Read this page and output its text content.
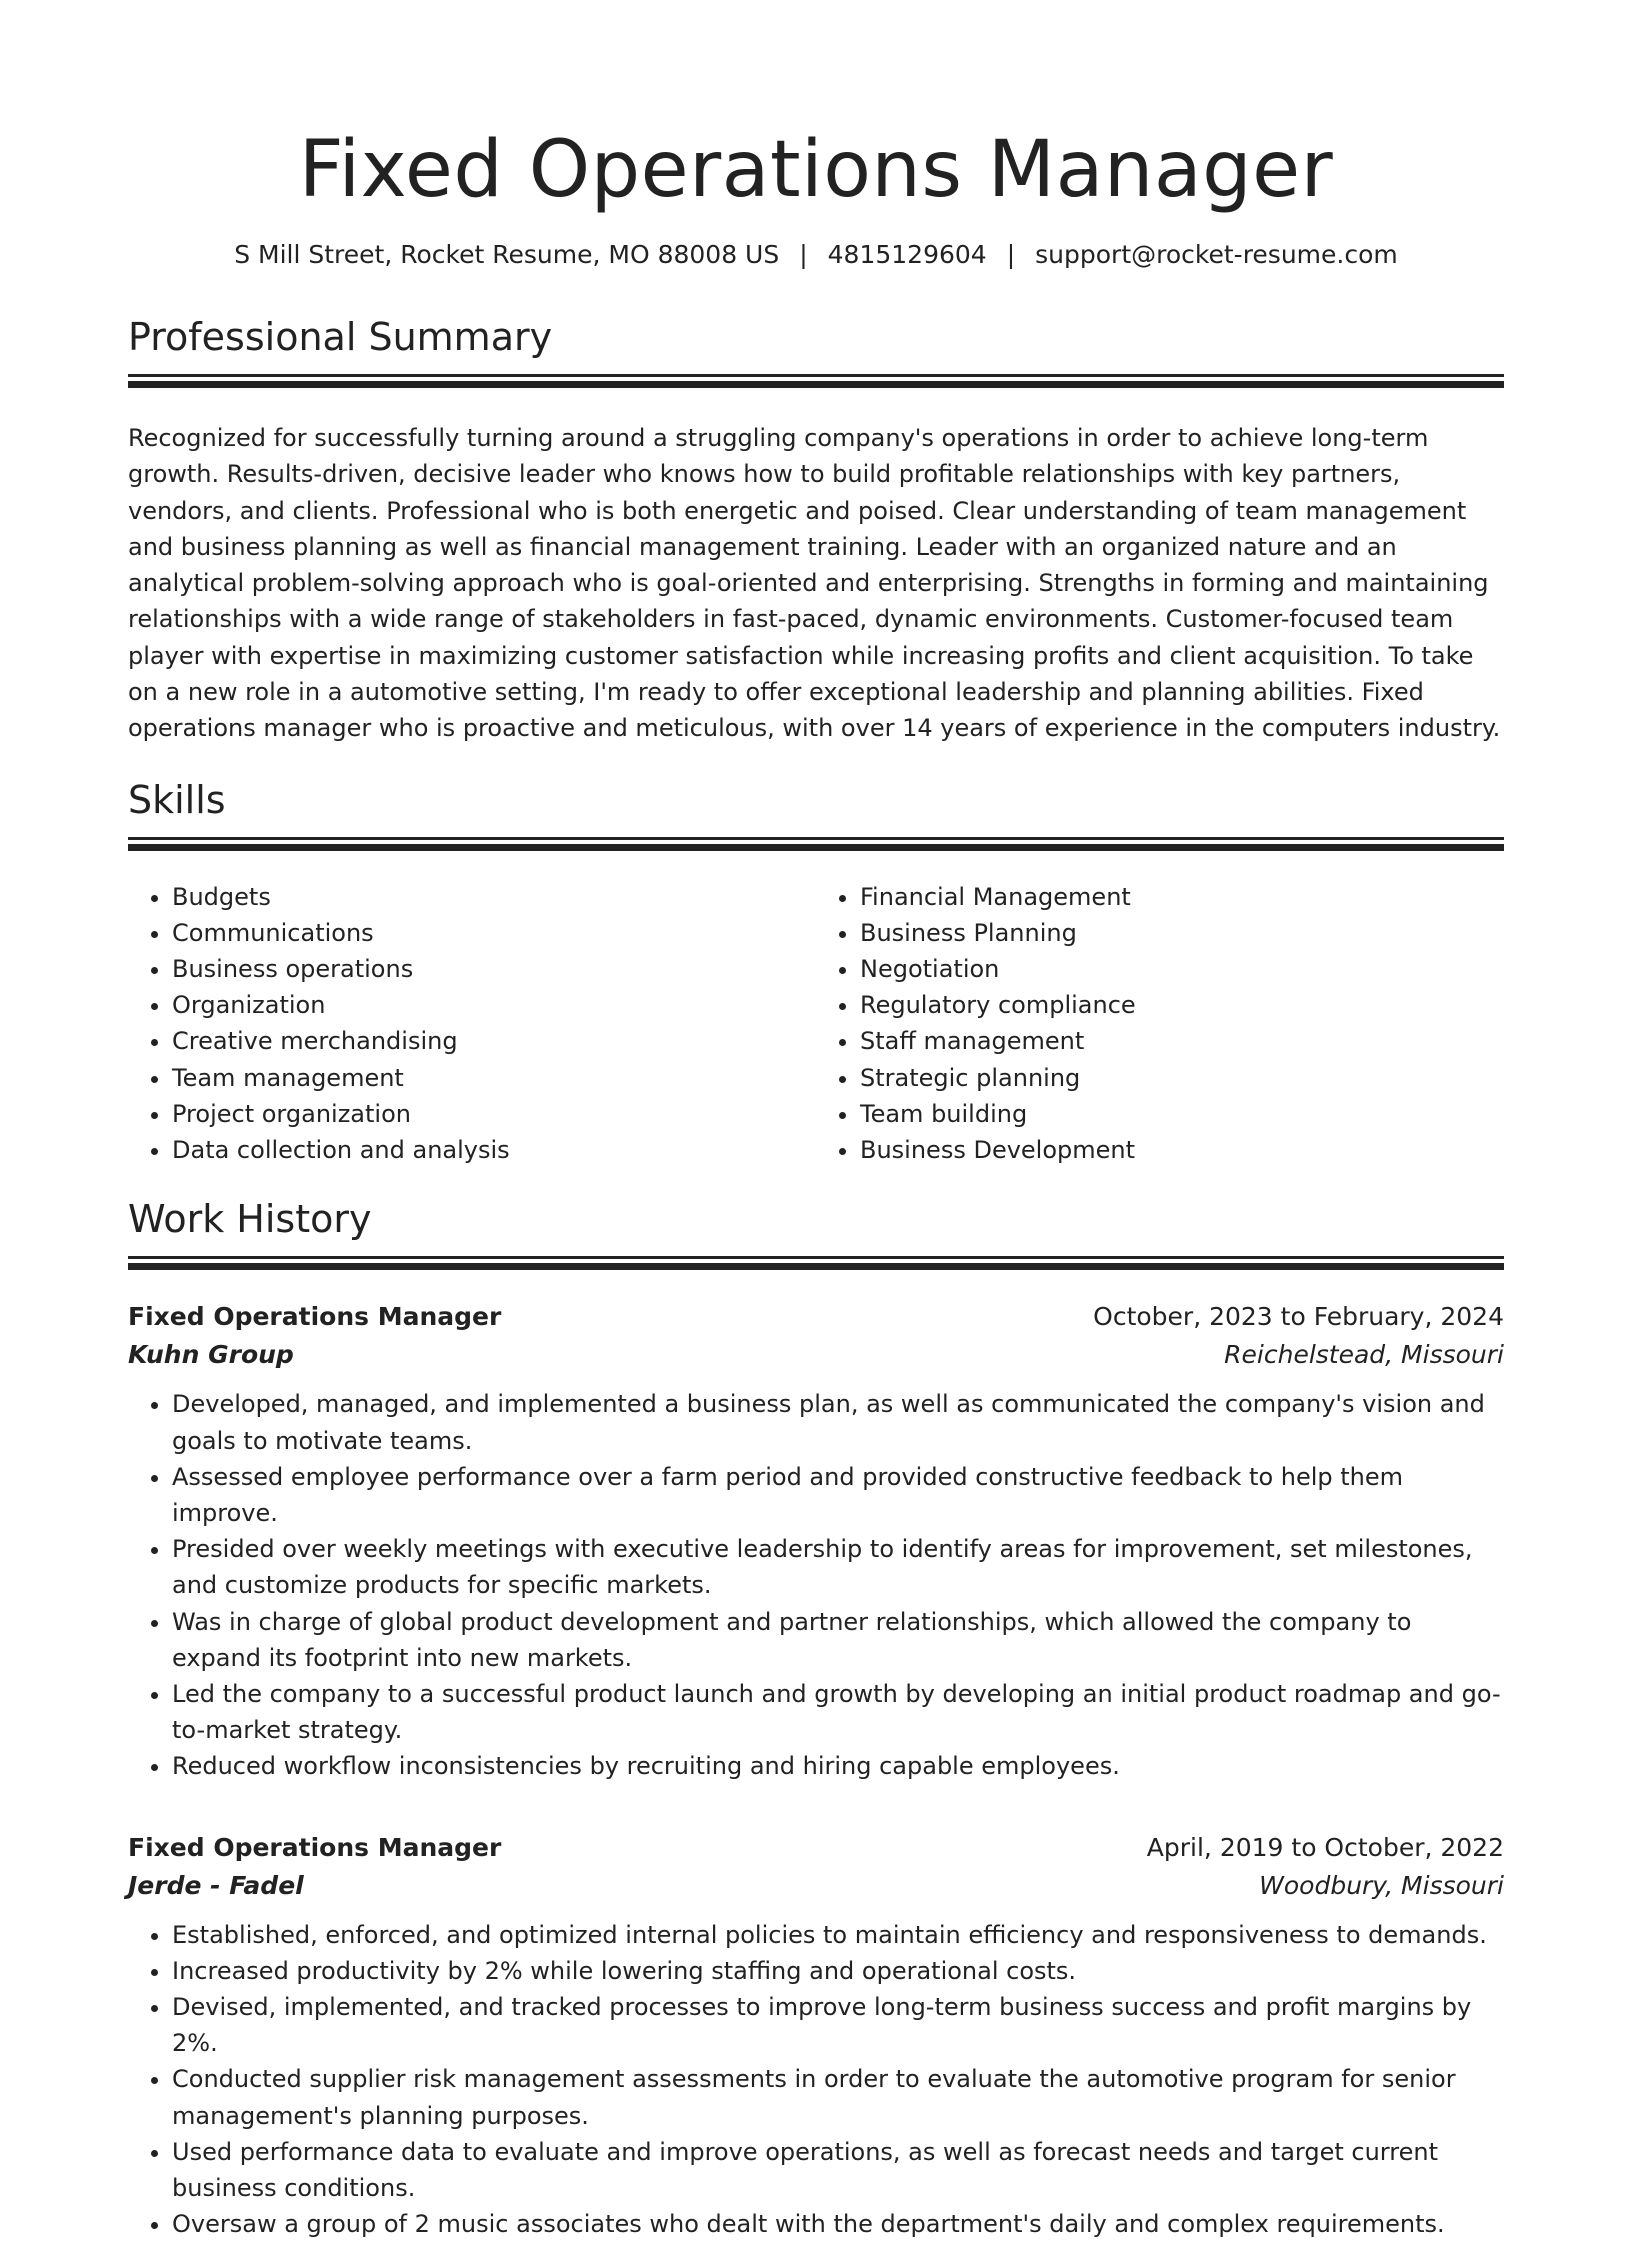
Fixed Operations Manager
S Mill Street, Rocket Resume, MO 88008 US | 4815129604 | support@rocket-resume.com
Professional Summary

Recognized for successfully turning around a struggling company's operations in order to achieve long-term growth. Results-driven, decisive leader who knows how to build profitable relationships with key partners, vendors, and clients. Professional who is both energetic and poised. Clear understanding of team management and business planning as well as financial management training. Leader with an organized nature and an analytical problem-solving approach who is goal-oriented and enterprising. Strengths in forming and maintaining relationships with a wide range of stakeholders in fast-paced, dynamic environments. Customer-focused team player with expertise in maximizing customer satisfaction while increasing profits and client acquisition. To take on a new role in a automotive setting, I'm ready to offer exceptional leadership and planning abilities. Fixed operations manager who is proactive and meticulous, with over 14 years of experience in the computers industry.

Skills
• Budgets
• Communications
• Business operations
• Organization
• Creative merchandising
• Team management
• Project organization
• Data collection and analysis
• Financial Management
• Business Planning
• Negotiation
• Regulatory compliance
• Staff management
• Strategic planning
• Team building
• Business Development
Work History
Fixed Operations Manager	October, 2023 to February, 2024
Kuhn Group	Reichelstead, Missouri
• Developed, managed, and implemented a business plan, as well as communicated the company's vision and goals to motivate teams.
• Assessed employee performance over a farm period and provided constructive feedback to help them improve.
• Presided over weekly meetings with executive leadership to identify areas for improvement, set milestones, and customize products for specific markets.
• Was in charge of global product development and partner relationships, which allowed the company to expand its footprint into new markets.
• Led the company to a successful product launch and growth by developing an initial product roadmap and go-to-market strategy.
• Reduced workflow inconsistencies by recruiting and hiring capable employees.
Fixed Operations Manager	April, 2019 to October, 2022
Jerde - Fadel	Woodbury, Missouri
• Established, enforced, and optimized internal policies to maintain efficiency and responsiveness to demands.
• Increased productivity by 2% while lowering staffing and operational costs.
• Devised, implemented, and tracked processes to improve long-term business success and profit margins by 2%.
• Conducted supplier risk management assessments in order to evaluate the automotive program for senior management's planning purposes.
• Used performance data to evaluate and improve operations, as well as forecast needs and target current business conditions.
• Oversaw a group of 2 music associates who dealt with the department's daily and complex requirements.
